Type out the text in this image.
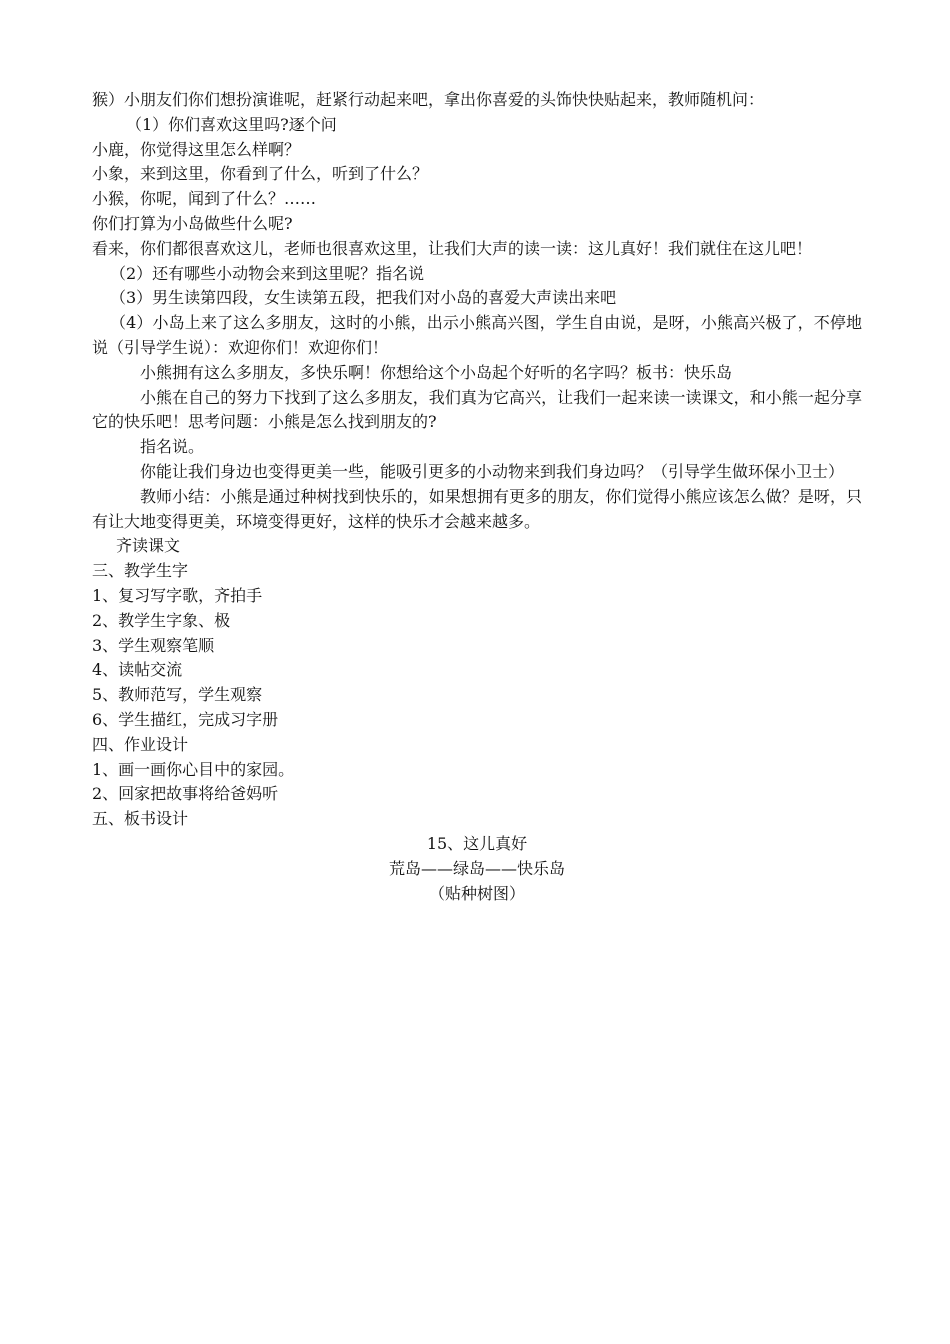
猴）小朋友们你们想扮演谁呢，赶紧行动起来吧，拿出你喜爱的头饰快快贴起来，教师随机问：
（1）你们喜欢这里吗?逐个问
小鹿，你觉得这里怎么样啊？
小象，来到这里，你看到了什么，听到了什么？
小猴，你呢，闻到了什么？……
你们打算为小岛做些什么呢?
看来，你们都很喜欢这儿，老师也很喜欢这里，让我们大声的读一读：这儿真好！我们就住在这儿吧！
（2）还有哪些小动物会来到这里呢？指名说
（3）男生读第四段，女生读第五段，把我们对小岛的喜爱大声读出来吧
（4）小岛上来了这么多朋友，这时的小熊，出示小熊高兴图，学生自由说，是呀，小熊高兴极了，不停地说（引导学生说）：欢迎你们！欢迎你们！
小熊拥有这么多朋友，多快乐啊！你想给这个小岛起个好听的名字吗？板书：快乐岛
小熊在自己的努力下找到了这么多朋友，我们真为它高兴，让我们一起来读一读课文，和小熊一起分享它的快乐吧！思考问题：小熊是怎么找到朋友的?
指名说。
你能让我们身边也变得更美一些，能吸引更多的小动物来到我们身边吗？（引导学生做环保小卫士）
教师小结：小熊是通过种树找到快乐的，如果想拥有更多的朋友，你们觉得小熊应该怎么做？是呀，只有让大地变得更美，环境变得更好，这样的快乐才会越来越多。
齐读课文
三、教学生字
1、复习写字歌，齐拍手
2、教学生字象、极
3、学生观察笔顺
4、读帖交流
5、教师范写，学生观察
6、学生描红，完成习字册
四、作业设计
1、画一画你心目中的家园。
2、回家把故事将给爸妈听
五、板书设计
15、这儿真好
荒岛——绿岛——快乐岛
（贴种树图）
